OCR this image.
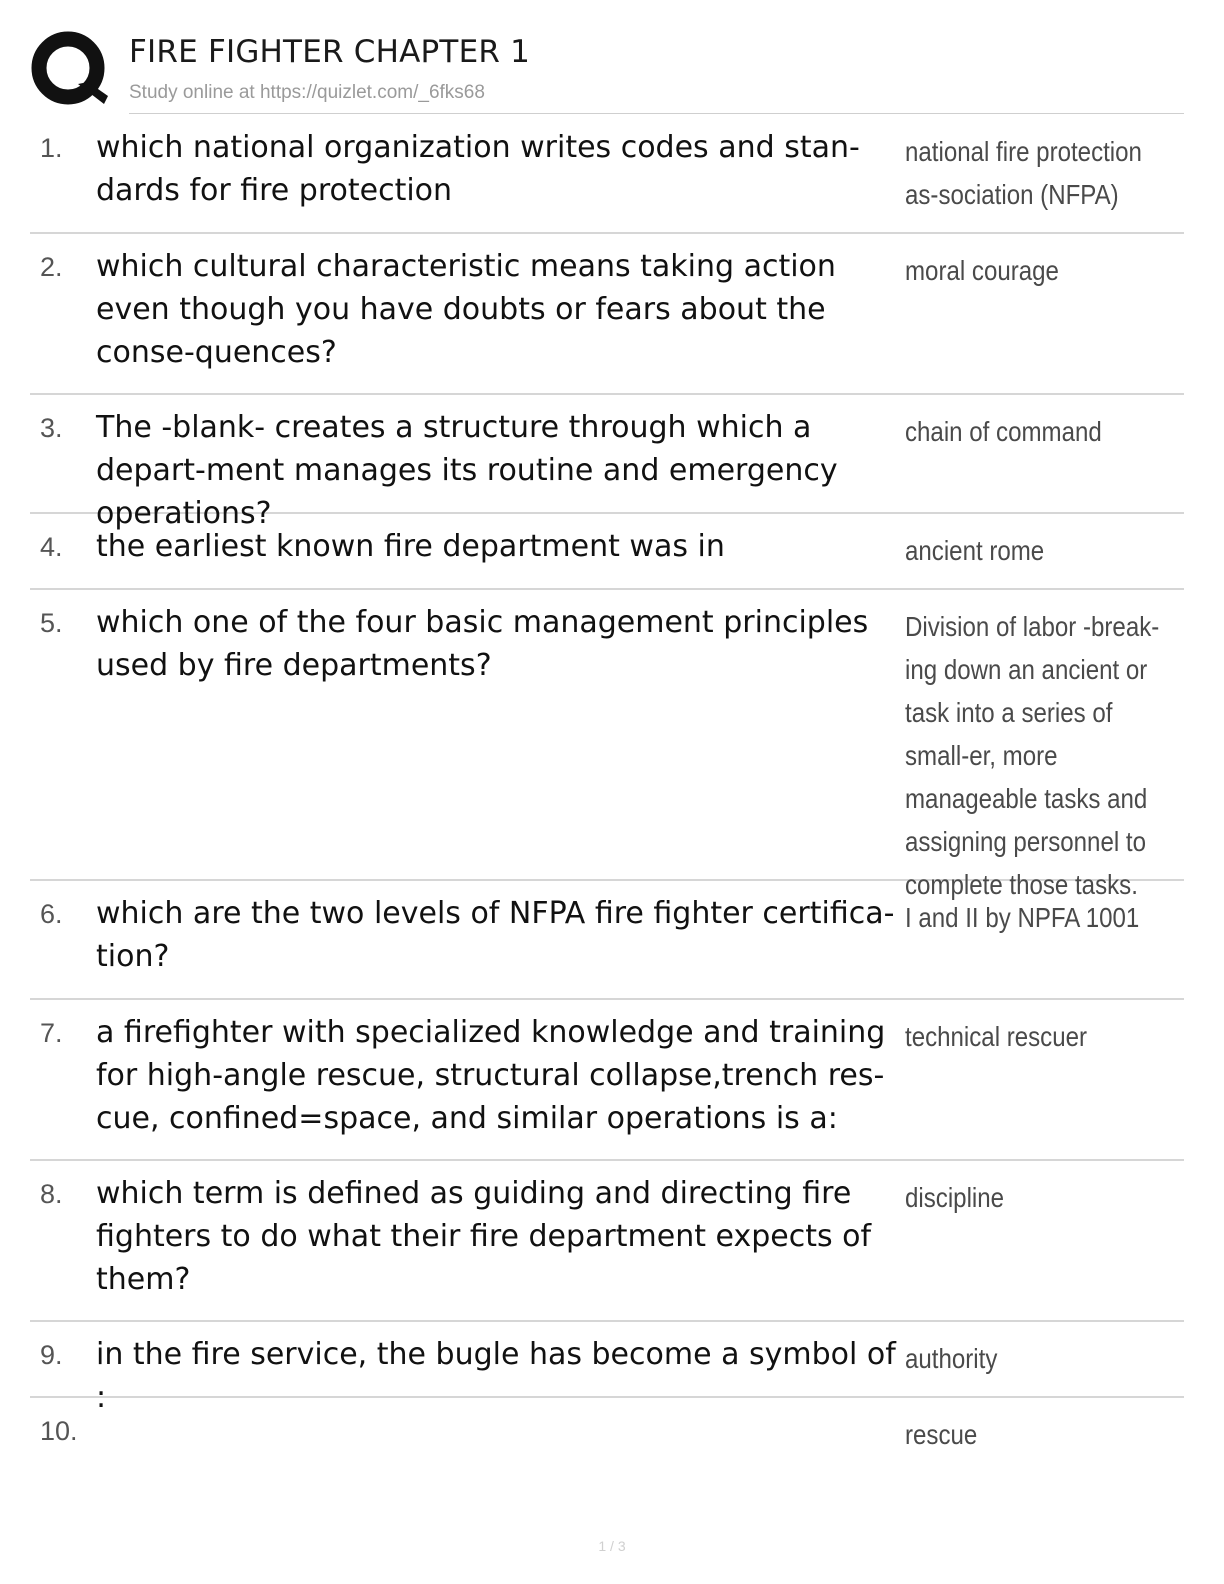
FIRE FIGHTER CHAPTER 1
Study online at https://quizlet.com/_6fks68
1. which national organization writes codes and stan-dards for fire protection
national fire protection as-sociation (NFPA)
2. which cultural characteristic means taking action even though you have doubts or fears about the conse-quences?
moral courage
3. The -blank- creates a structure through which a depart-ment manages its routine and emergency operations?
chain of command
4. the earliest known fire department was in	ancient rome
5. which one of the four basic management principles used by fire departments?
Division of labor -break-ing down an ancient or task into a series of small-er, more manageable tasks and assigning personnel to complete those tasks.
6. which are the two levels of NFPA fire fighter certifica-tion?
I and II by NPFA 1001
7. a firefighter with specialized knowledge and training for high-angle rescue, structural collapse,trench res-cue, confined=space, and similar operations is a:
technical rescuer
8. which term is defined as guiding and directing fire fighters to do what their fire department expects of them?
discipline
9. in the fire service, the bugle has become a symbol of :
authority
10.	rescue
1 / 3
